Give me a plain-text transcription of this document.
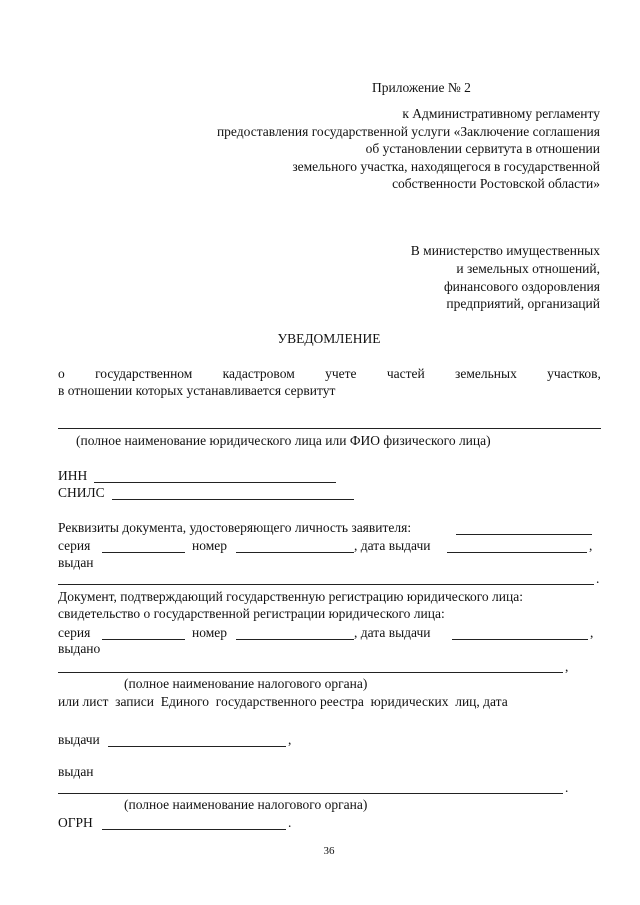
Приложение № 2
к Административному регламенту
предоставления государственной услуги «Заключение соглашения
об установлении сервитута в отношении
земельного участка, находящегося в государственной
собственности Ростовской области»
В министерство имущественных
и земельных отношений,
финансового оздоровления
предприятий, организаций
УВЕДОМЛЕНИЕ
о государственном кадастровом учете частей земельных участков,
в отношении которых устанавливается сервитут
(полное наименование юридического лица или ФИО физического лица)
ИНН
СНИЛС
Реквизиты документа, удостоверяющего личность заявителя:
серия	номер	, дата выдачи	,
выдан
.
Документ, подтверждающий государственную регистрацию юридического лица:
свидетельство о государственной регистрации юридического лица:
серия	номер	, дата выдачи	,
выдано
,
(полное наименование налогового органа)
или лист  записи  Единого  государственного реестра  юридических  лиц, дата
выдачи	,
выдан
.
(полное наименование налогового органа)
ОГРН	.
36
